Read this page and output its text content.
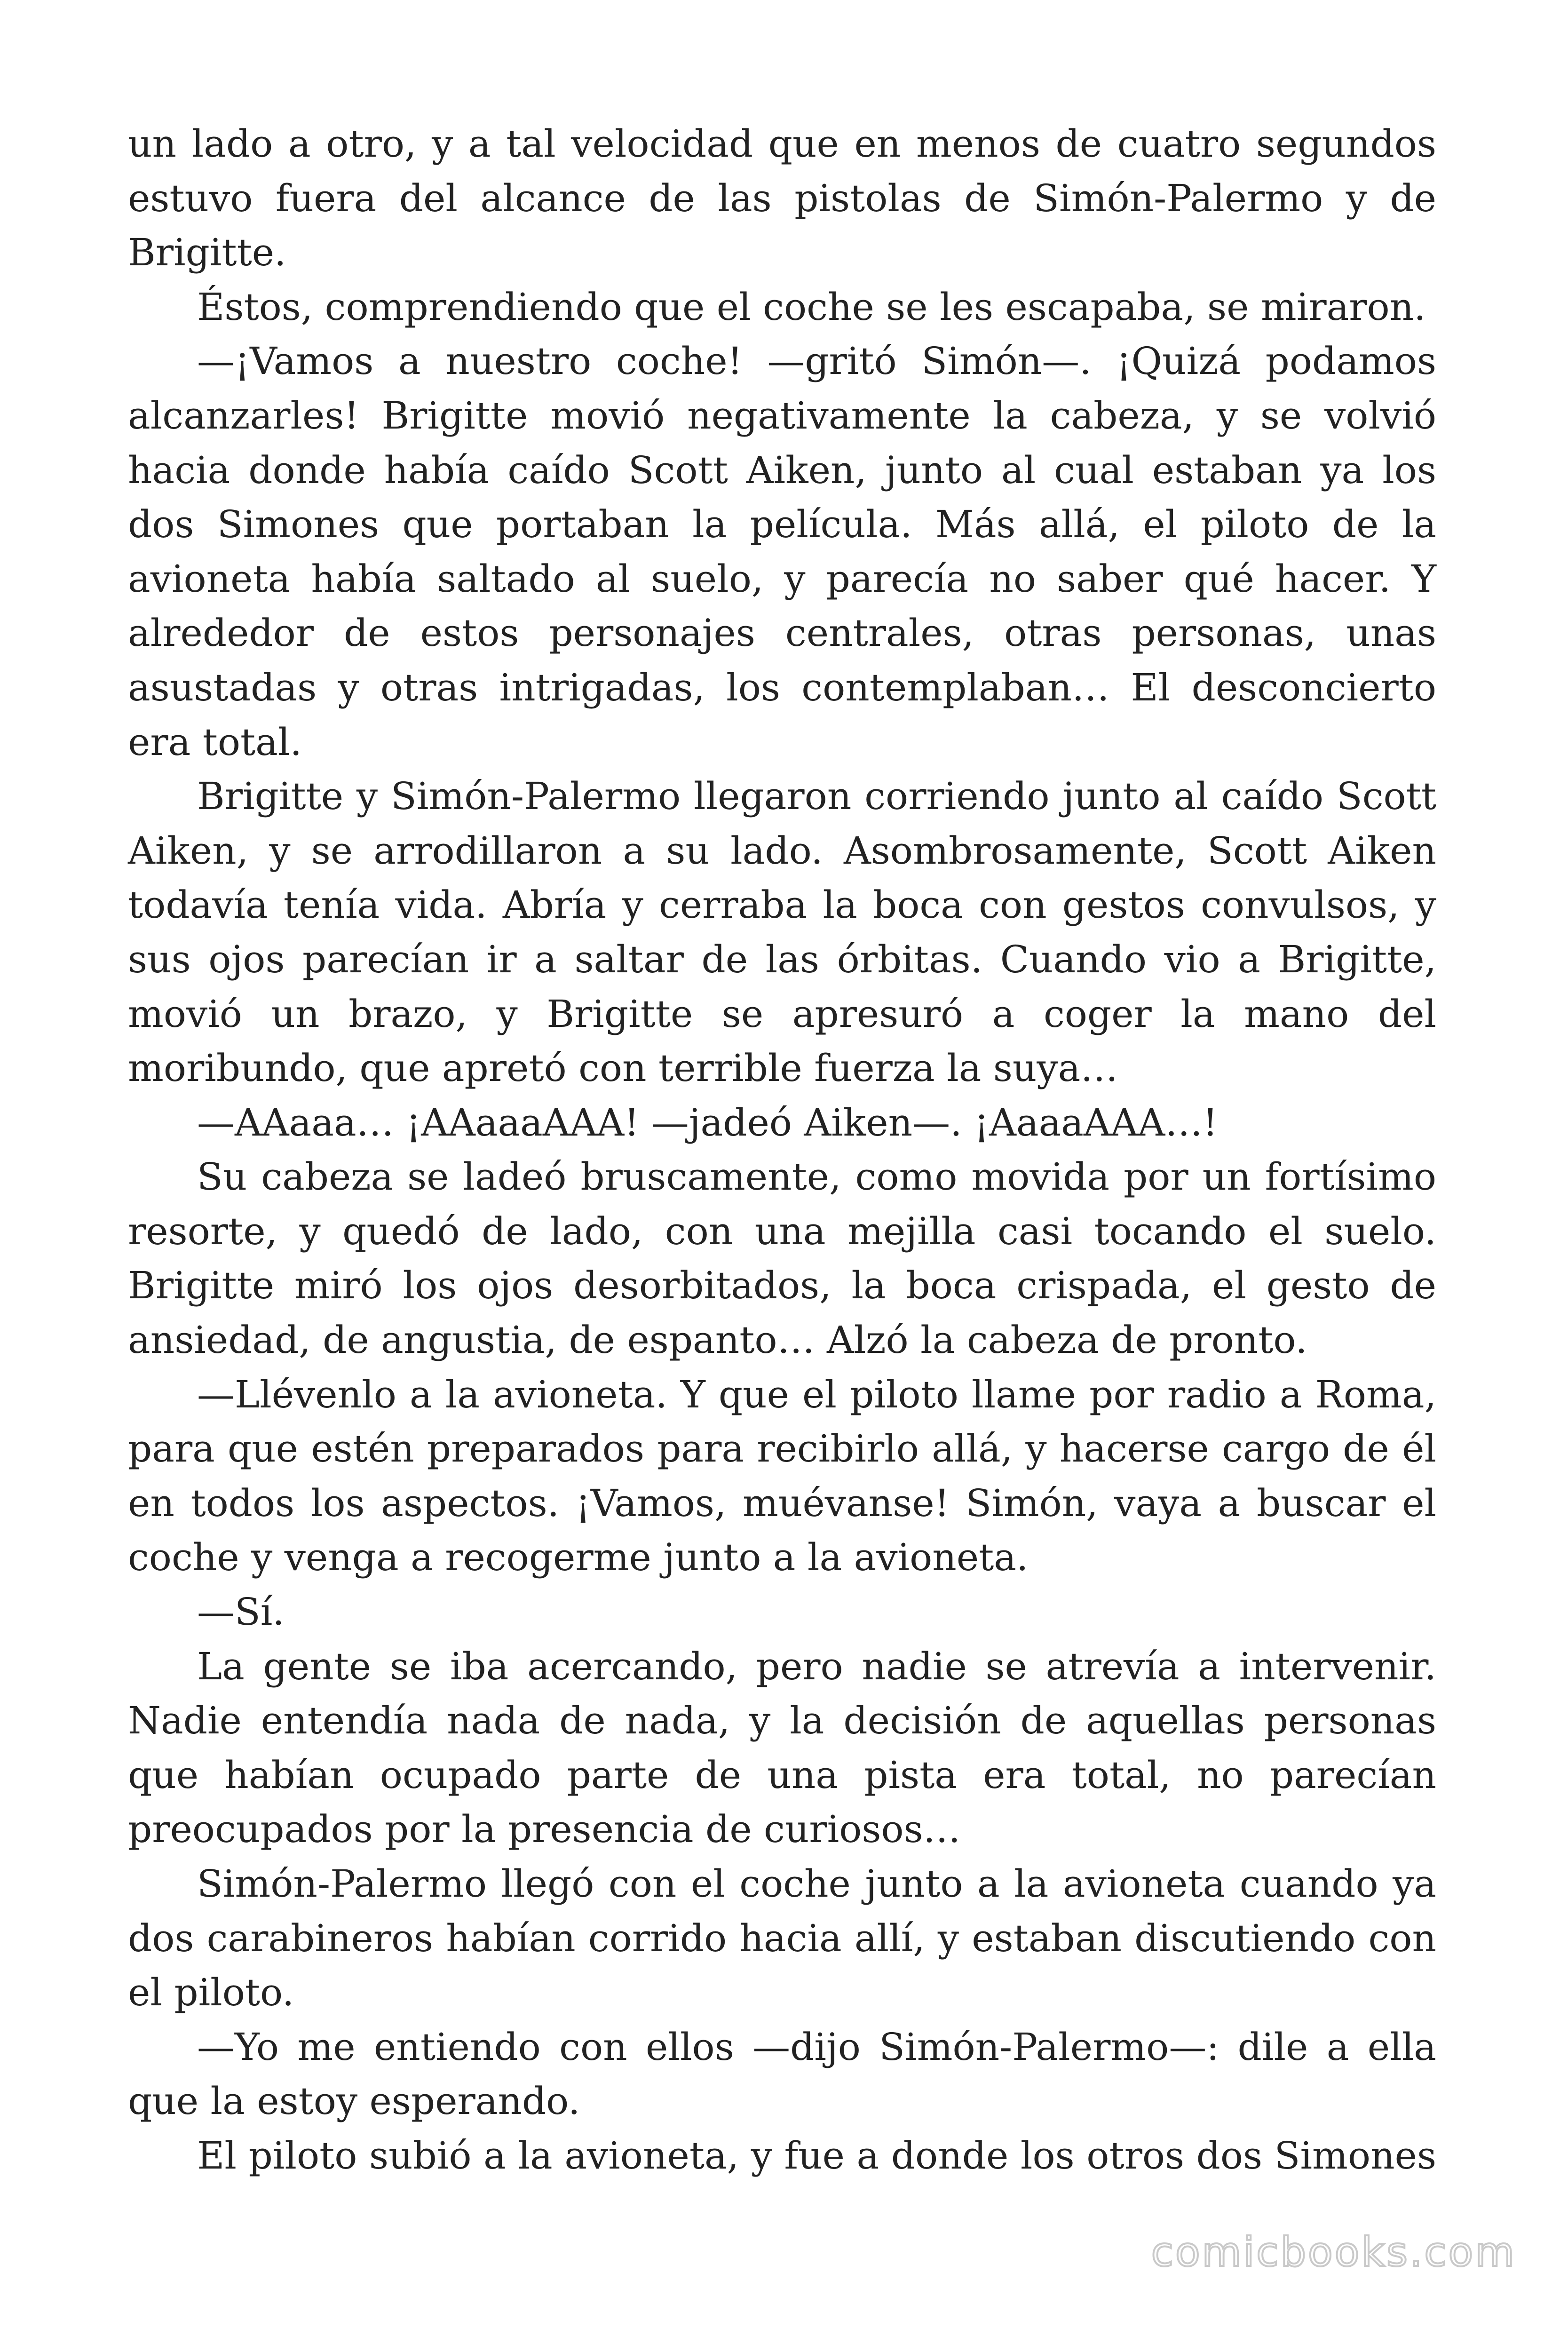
un lado a otro, y a tal velocidad que en menos de cuatro segundos estuvo fuera del alcance de las pistolas de Simón-Palermo y de Brigitte.

Éstos, comprendiendo que el coche se les escapaba, se miraron.

—¡Vamos a nuestro coche! —gritó Simón—. ¡Quizá podamos alcanzarles! Brigitte movió negativamente la cabeza, y se volvió hacia donde había caído Scott Aiken, junto al cual estaban ya los dos Simones que portaban la película. Más allá, el piloto de la avioneta había saltado al suelo, y parecía no saber qué hacer. Y alrededor de estos personajes centrales, otras personas, unas asustadas y otras intrigadas, los contemplaban… El desconcierto era total.

Brigitte y Simón-Palermo llegaron corriendo junto al caído Scott Aiken, y se arrodillaron a su lado. Asombrosamente, Scott Aiken todavía tenía vida. Abría y cerraba la boca con gestos convulsos, y sus ojos parecían ir a saltar de las órbitas. Cuando vio a Brigitte, movió un brazo, y Brigitte se apresuró a coger la mano del moribundo, que apretó con terrible fuerza la suya…

—AAaaa… ¡AAaaaAAA! —jadeó Aiken—. ¡AaaaAAA…!

Su cabeza se ladeó bruscamente, como movida por un fortísimo resorte, y quedó de lado, con una mejilla casi tocando el suelo. Brigitte miró los ojos desorbitados, la boca crispada, el gesto de ansiedad, de angustia, de espanto… Alzó la cabeza de pronto.

—Llévenlo a la avioneta. Y que el piloto llame por radio a Roma, para que estén preparados para recibirlo allá, y hacerse cargo de él en todos los aspectos. ¡Vamos, muévanse! Simón, vaya a buscar el coche y venga a recogerme junto a la avioneta.

—Sí.

La gente se iba acercando, pero nadie se atrevía a intervenir. Nadie entendía nada de nada, y la decisión de aquellas personas que habían ocupado parte de una pista era total, no parecían preocupados por la presencia de curiosos…

Simón-Palermo llegó con el coche junto a la avioneta cuando ya dos carabineros habían corrido hacia allí, y estaban discutiendo con el piloto.

—Yo me entiendo con ellos —dijo Simón-Palermo—: dile a ella que la estoy esperando.

El piloto subió a la avioneta, y fue a donde los otros dos Simones

comicbooks.com
